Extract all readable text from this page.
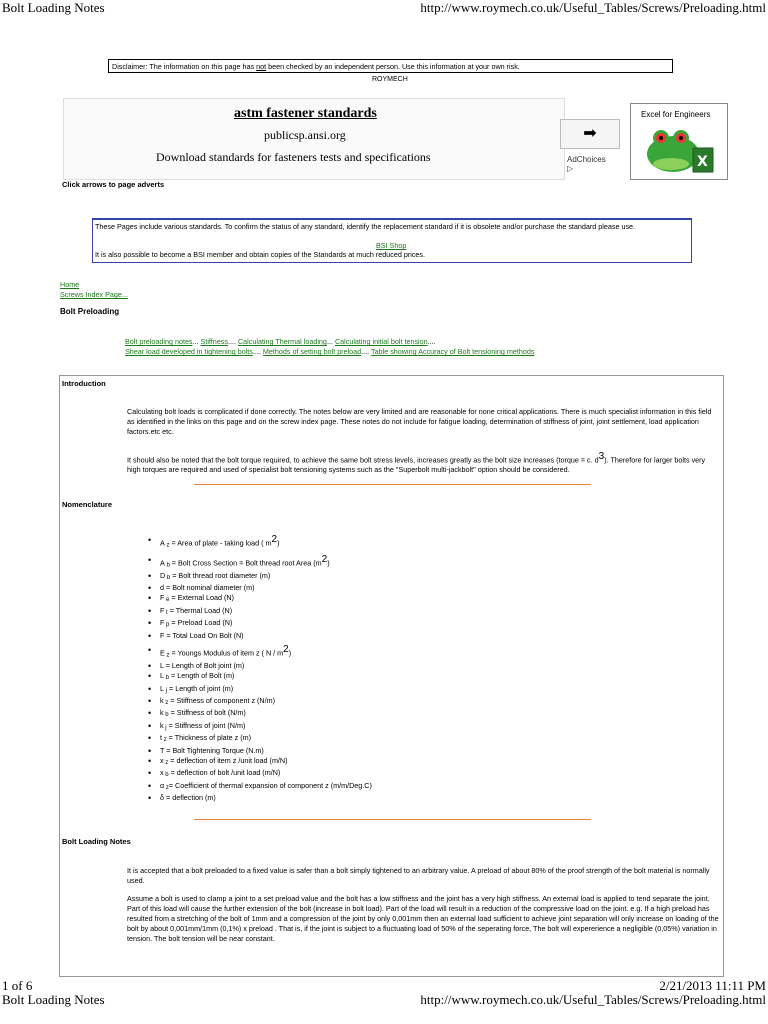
Bolt Loading Notes	http://www.roymech.co.uk/Useful_Tables/Screws/Preloading.html
Disclaimer: The information on this page has not been checked by an independent person. Use this information at your own risk.
ROYMECH
astm fastener standards
publicsp.ansi.org
Download standards for fasteners tests and specifications
➡
AdChoices ▷
Excel for Engineers
X
Click arrows to page adverts
These Pages include various standards. To confirm the status of any standard, identify the replacement standard if it is obsolete and/or purchase the standard please use.
BSI Shop
It is also possible to become a BSI member and obtain copies of the Standards at much reduced prices.
Home
Screws Index Page...
Bolt Preloading
Bolt preloading notes... Stiffness.... Calculating Thermal loading... Calculating initial bolt tension....
Shear load developed in tightening bolts.... Methods of setting bolt preload.... Table showing Accuracy of Bolt tensioning methods
Introduction
Calculating bolt loads is complicated if done correctly. The notes below are very limited and are reasonable for none critical applications. There is much specialist information in this field as identified in the links on this page and on the screw index page. These notes do not include for fatigue loading, determination of stiffness of joint, joint settlement, load application factors.etc etc.
It should also be noted that the bolt torque required, to achieve the same bolt stress levels, increases greatly as the bolt size increases (torque = c. $d^3$). Therefore for larger bolts very high torques are required and used of specialist bolt tensioning systems such as the "Superbolt multi-jackbolt" option should be considered.
Nomenclature
• A z = Area of plate - taking load ( $m^2$)
• A b = Bolt Cross Section = Bolt thread root Area $(m^2)$
• D b = Bolt thread root diameter (m)
• d = Bolt nominal diameter (m)
• F e = External Load (N)
• F t = Thermal Load (N)
• F p = Preload Load (N)
• F = Total Load On Bolt (N)
• E z = Youngs Modulus of item z ( N / $m^2$)
• L = Length of Bolt joint (m)
• L b = Length of Bolt (m)
• L j = Length of joint (m)
• k z = Stiffness of component z (N/m)
• k b = Stiffness of bolt (N/m)
• k j = Stiffness of joint (N/m)
• t z = Thickness of plate z (m)
• T = Bolt Tightening Torque (N.m)
• x z = deflection of item z /unit load (m/N)
• x b = deflection of bolt /unit load (m/N)
• α z= Coefficient of thermal expansion of component z (m/m/Deg.C)
• δ = deflection (m)
Bolt Loading Notes
It is accepted that a bolt preloaded to a fixed value is safer than a bolt simply tightened to an arbitrary value. A preload of about 80% of the proof strength of the bolt material is normally used.
Assume a bolt is used to clamp a joint to a set preload value and the bolt has a low stiffness and the joint has a very high stiffness. An external load is applied to tend separate the joint. Part of this load will cause the further extension of the bolt (increase in bolt load). Part of the load will result in a reduction of the compressive load on the joint. e.g. If a high preload has resulted from a stretching of the bolt of 1mm and a compression of the joint by only 0,001mm then an external load sufficient to achieve joint separation will only increase on loading of the bolt by about 0,001mm/1mm (0,1%) x preload . That is, if the joint is subject to a fluctuating load of 50% of the seperating force, The bolt will expererience a negligible (0,05%) variation in tension. The bolt tension will be near constant.
1 of 6	2/21/2013 11:11 PM
Bolt Loading Notes	http://www.roymech.co.uk/Useful_Tables/Screws/Preloading.html
